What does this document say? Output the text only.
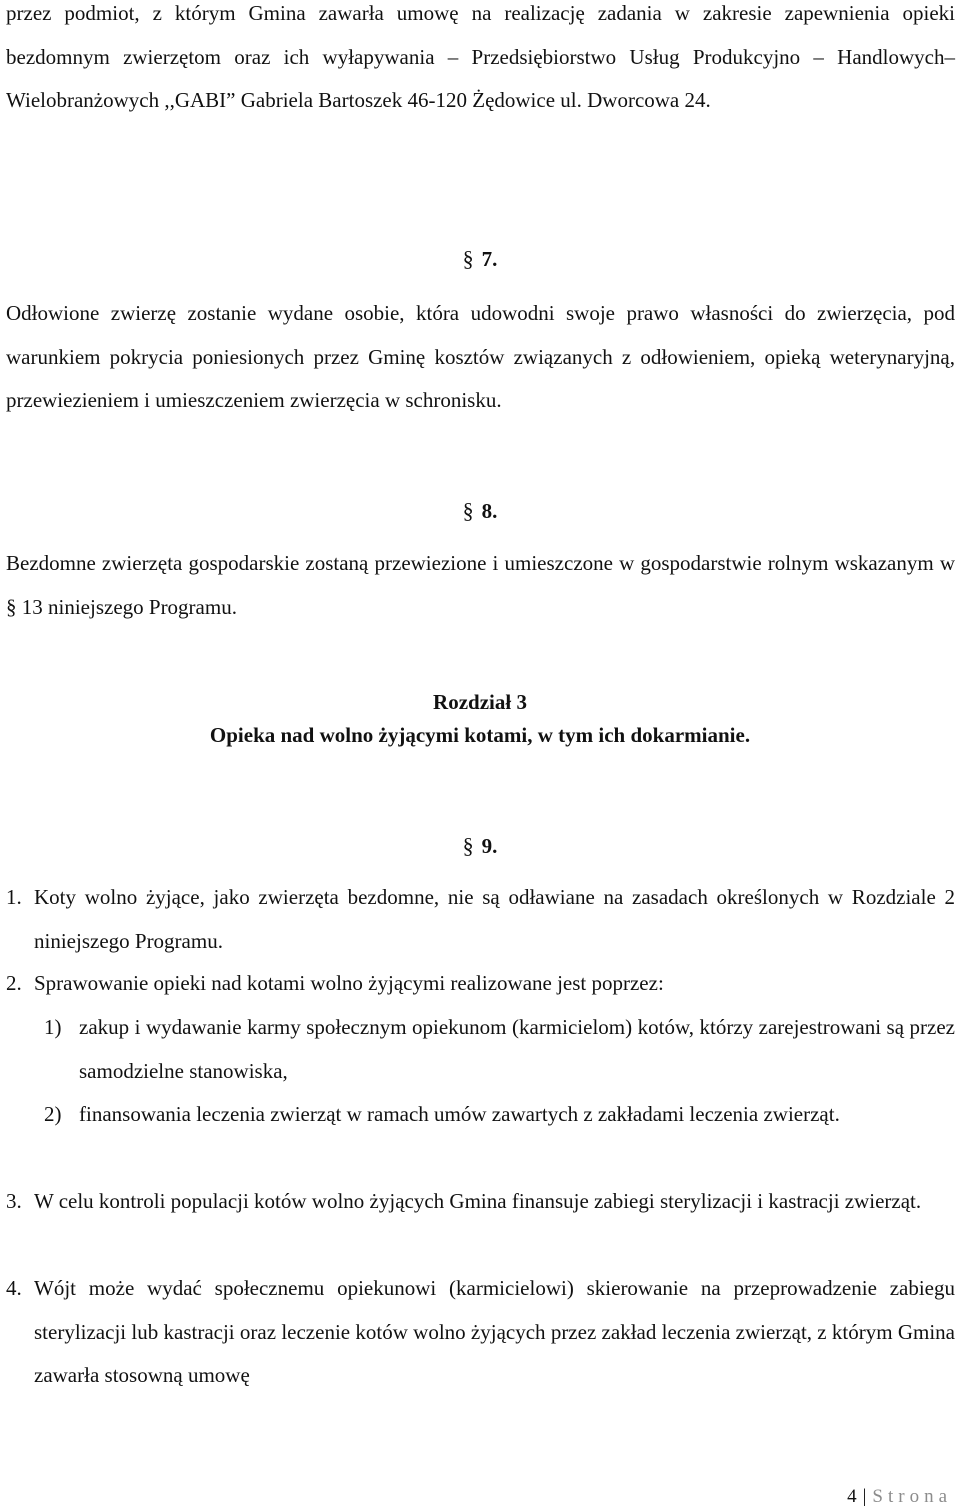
przez podmiot, z którym Gmina zawarła umowę na realizację zadania w zakresie zapewnienia opieki bezdomnym zwierzętom oraz ich wyłapywania – Przedsiębiorstwo Usług Produkcyjno – Handlowych– Wielobranżowych ,,GABI” Gabriela Bartoszek 46-120 Żędowice ul. Dworcowa 24.

§ 7.

Odłowione zwierzę zostanie wydane osobie, która udowodni swoje prawo własności do zwierzęcia, pod warunkiem pokrycia poniesionych przez Gminę kosztów związanych z odłowieniem, opieką weterynaryjną, przewiezieniem i umieszczeniem zwierzęcia w schronisku.

§ 8.

Bezdomne zwierzęta gospodarskie zostaną przewiezione i umieszczone w gospodarstwie rolnym wskazanym w § 13 niniejszego Programu.

Rozdział 3

Opieka nad wolno żyjącymi kotami, w tym ich dokarmianie.

§ 9.

1. Koty wolno żyjące, jako zwierzęta bezdomne, nie są odławiane na zasadach określonych w Rozdziale 2 niniejszego Programu.

2. Sprawowanie opieki nad kotami wolno żyjącymi realizowane jest poprzez:

1) zakup i wydawanie karmy społecznym opiekunom (karmicielom) kotów, którzy zarejestrowani są przez samodzielne stanowiska,

2) finansowania leczenia zwierząt w ramach umów zawartych z zakładami leczenia zwierząt.

3. W celu kontroli populacji kotów wolno żyjących Gmina finansuje zabiegi sterylizacji i kastracji zwierząt.

4. Wójt może wydać społecznemu opiekunowi (karmicielowi) skierowanie na przeprowadzenie zabiegu sterylizacji lub kastracji oraz leczenie kotów wolno żyjących przez zakład leczenia zwierząt, z którym Gmina zawarła stosowną umowę

4 | Strona
